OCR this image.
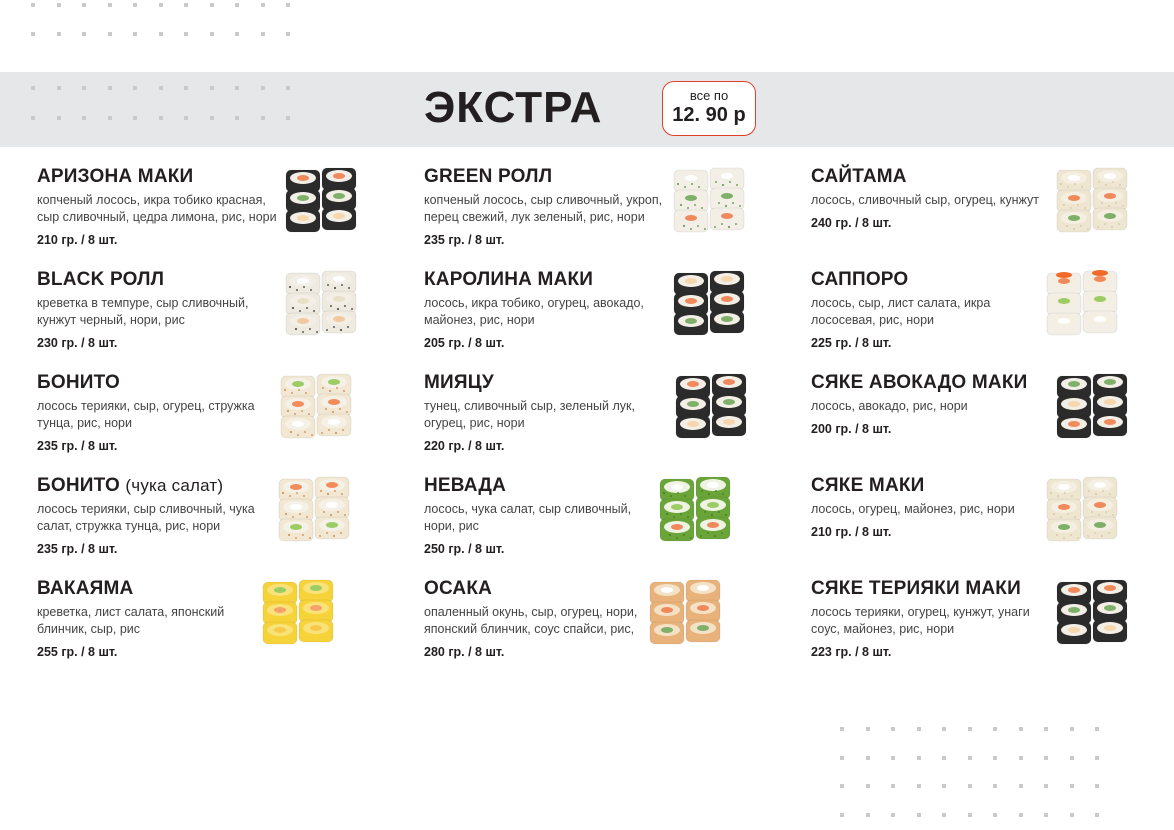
ЭКСТРА	все по
12. 90 р
АРИЗОНА МАКИ
копченый лосось, икра тобико красная, сыр сливочный, цедра лимона, рис, нори
210 гр. / 8 шт.
BLACK РОЛЛ
креветка в темпуре, сыр сливочный, кунжут черный, нори, рис
230 гр. / 8 шт.
БОНИТО
лосось терияки, сыр, огурец, стружка тунца, рис, нори
235 гр. / 8 шт.
БОНИТО (чука салат)
лосось терияки, сыр сливочный, чука салат, стружка тунца, рис, нори
235 гр. / 8 шт.
ВАКАЯМА
креветка, лист салата, японский блинчик, сыр, рис
255 гр. / 8 шт.
GREEN РОЛЛ
копченый лосось, сыр сливочный, укроп, перец свежий, лук зеленый, рис, нори
235 гр. / 8 шт.
КАРОЛИНА МАКИ
лосось, икра тобико, огурец, авокадо, майонез, рис, нори
205 гр. / 8 шт.
МИЯЦУ
тунец, сливочный сыр, зеленый лук, огурец, рис, нори
220 гр. / 8 шт.
НЕВАДА
лосось, чука салат, сыр сливочный, нори, рис
250 гр. / 8 шт.
ОСАКА
опаленный окунь, сыр, огурец, нори, японский блинчик, соус спайси, рис,
280 гр. / 8 шт.
САЙТАМА
лосось, сливочный сыр, огурец, кунжут
240 гр. / 8 шт.
САППОРО
лосось, сыр, лист салата, икра лососевая, рис, нори
225 гр. / 8 шт.
СЯКЕ АВОКАДО МАКИ
лосось, авокадо, рис, нори
200 гр. / 8 шт.
СЯКЕ МАКИ
лосось, огурец, майонез, рис, нори
210 гр. / 8 шт.
СЯКЕ ТЕРИЯКИ МАКИ
лосось терияки, огурец, кунжут, унаги соус, майонез, рис, нори
223 гр. / 8 шт.
